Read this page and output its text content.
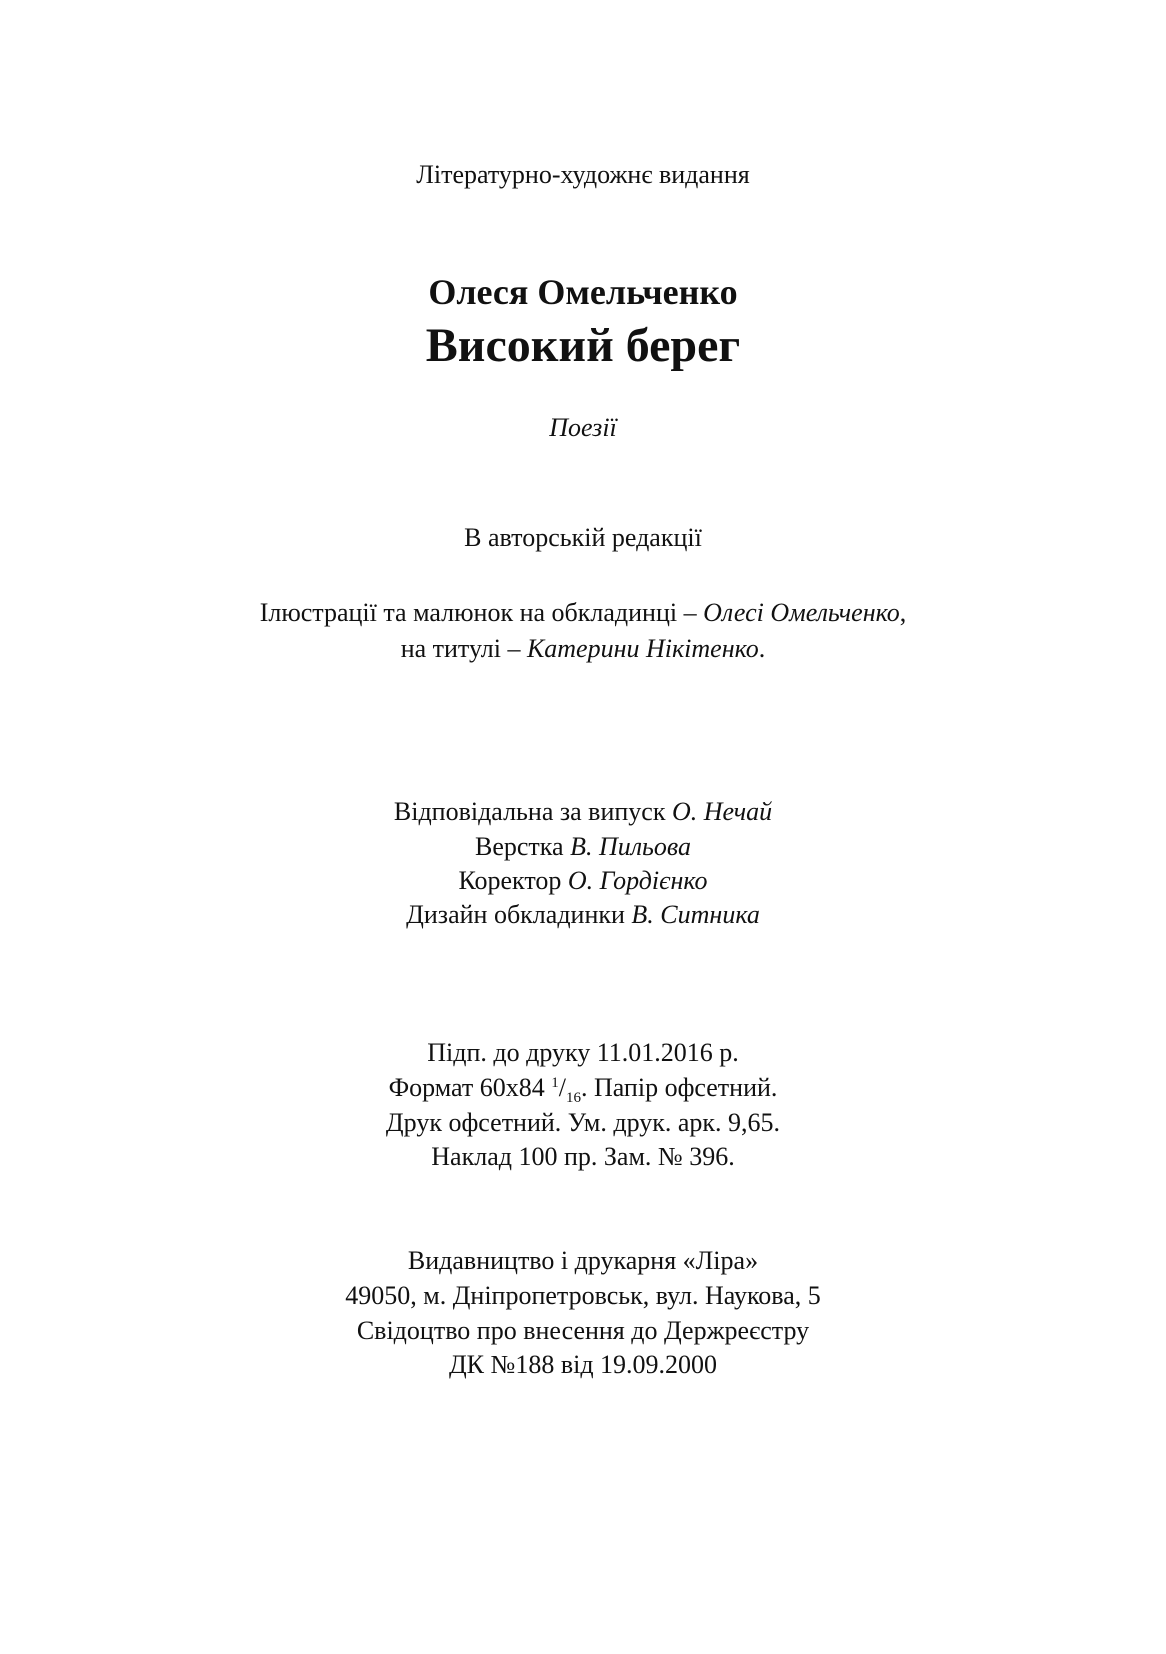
Літературно-художнє видання
Олеся Омельченко
Високий берег
Поезії
В авторській редакції
Ілюстрації та малюнок на обкладинці – Олесі Омельченко,
на титулі – Катерини Нікітенко.
Відповідальна за випуск О. Нечай
Верстка В. Пильова
Коректор О. Гордієнко
Дизайн обкладинки В. Ситника
Підп. до друку 11.01.2016 р.
Формат 60х84 $^1/_{16}$. Папір офсетний.
Друк офсетний. Ум. друк. арк. 9,65.
Наклад 100 пр. Зам. № 396.
Видавництво і друкарня «Ліра»
49050, м. Дніпропетровськ, вул. Наукова, 5
Свідоцтво про внесення до Держреєстру
ДК №188 від 19.09.2000
